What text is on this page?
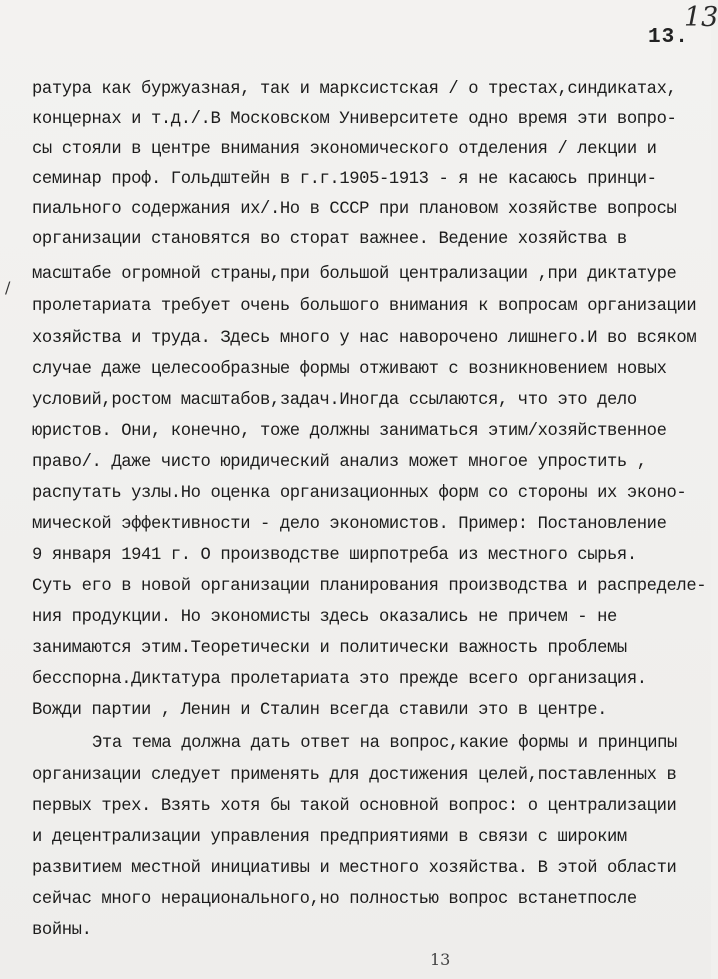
13
13.
/
ратура как буржуазная, так и марксистская / о трестах,синдикатах,
концернах и т.д./.В Московском Университете одно время эти вопро-
сы стояли в центре внимания экономического отделения / лекции и
семинар проф. Гольдштейн в г.г.1905-1913 - я не касаюсь принци-
пиального содержания их/.Но в СССР при плановом хозяйстве вопросы
организации становятся во сторат важнее. Ведение хозяйства в
масштабе огромной страны,при большой централизации ,при диктатуре
пролетариата требует очень большого внимания к вопросам организации
хозяйства и труда. Здесь много у нас наворочено лишнего.И во всяком
случае даже целесообразные формы отживают с возникновением новых
условий,ростом масштабов,задач.Иногда ссылаются, что это дело
юристов. Они, конечно, тоже должны заниматься этим/хозяйственное
право/. Даже чисто юридический анализ может многое упростить ,
распутать узлы.Но оценка организационных форм со стороны их эконо-
мической эффективности - дело экономистов. Пример: Постановление
9 января 1941 г. О производстве ширпотреба из местного сырья.
Суть его в новой организации планирования производства и распределе-
ния продукции. Но экономисты здесь оказались не причем - не
занимаются этим.Теоретически и политически важность проблемы
бесспорна.Диктатура пролетариата это прежде всего организация.
Вожди партии , Ленин и Сталин всегда ставили это в центре.
Эта тема должна дать ответ на вопрос,какие формы и принципы
организации следует применять для достижения целей,поставленных в
первых трех. Взять хотя бы такой основной вопрос: о централизации
и децентрализации управления предприятиями в связи с широким
развитием местной инициативы и местного хозяйства. В этой области
сейчас много нерационального,но полностью вопрос встанетпосле
войны.
13
